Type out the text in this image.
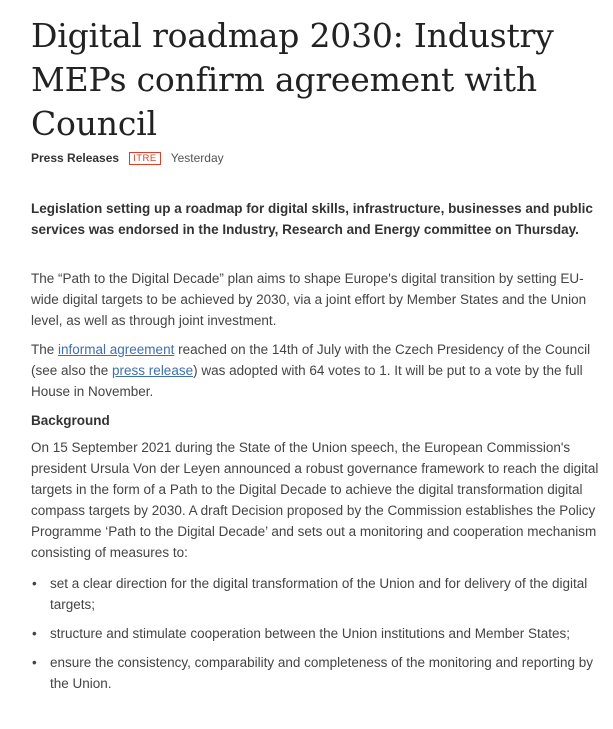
Digital roadmap 2030: Industry MEPs confirm agreement with Council
Press Releases	ITRE	Yesterday
Legislation setting up a roadmap for digital skills, infrastructure, businesses and public services was endorsed in the Industry, Research and Energy committee on Thursday.

The “Path to the Digital Decade” plan aims to shape Europe's digital transition by setting EU-wide digital targets to be achieved by 2030, via a joint effort by Member States and the Union level, as well as through joint investment.

The informal agreement reached on the 14th of July with the Czech Presidency of the Council (see also the press release) was adopted with 64 votes to 1. It will be put to a vote by the full House in November.

Background

On 15 September 2021 during the State of the Union speech, the European Commission's president Ursula Von der Leyen announced a robust governance framework to reach the digital targets in the form of a Path to the Digital Decade to achieve the digital transformation digital compass targets by 2030. A draft Decision proposed by the Commission establishes the Policy Programme ‘Path to the Digital Decade’ and sets out a monitoring and cooperation mechanism consisting of measures to:

• set a clear direction for the digital transformation of the Union and for delivery of the digital targets;
• structure and stimulate cooperation between the Union institutions and Member States;
• ensure the consistency, comparability and completeness of the monitoring and reporting by the Union.
